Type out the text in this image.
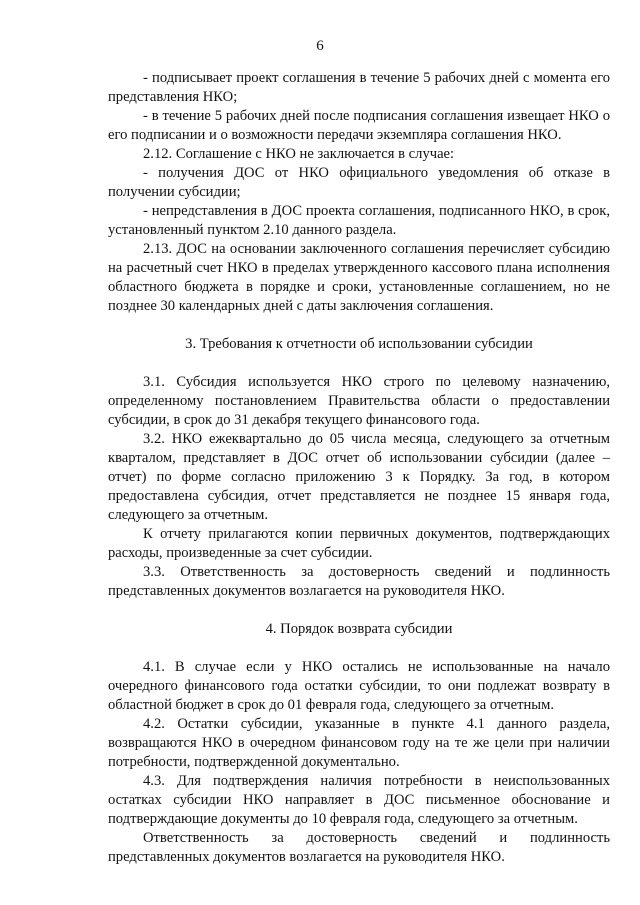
6

- подписывает проект соглашения в течение 5 рабочих дней с момента его представления НКО;

- в течение 5 рабочих дней после подписания соглашения извещает НКО о его подписании и о возможности передачи экземпляра соглашения НКО.

2.12. Соглашение с НКО не заключается в случае:

- получения ДОС от НКО официального уведомления об отказе в получении субсидии;

- непредставления в ДОС проекта соглашения, подписанного НКО, в срок, установленный пунктом 2.10 данного раздела.

2.13. ДОС на основании заключенного соглашения перечисляет субсидию на расчетный счет НКО в пределах утвержденного кассового плана исполнения областного бюджета в порядке и сроки, установленные соглашением, но не позднее 30 календарных дней с даты заключения соглашения.

3. Требования к отчетности об использовании субсидии

3.1. Субсидия используется НКО строго по целевому назначению, определенному постановлением Правительства области о предоставлении субсидии, в срок до 31 декабря текущего финансового года.

3.2. НКО ежеквартально до 05 числа месяца, следующего за отчетным кварталом, представляет в ДОС отчет об использовании субсидии (далее – отчет) по форме согласно приложению 3 к Порядку. За год, в котором предоставлена субсидия, отчет представляется не позднее 15 января года, следующего за отчетным.

К отчету прилагаются копии первичных документов, подтверждающих расходы, произведенные за счет субсидии.

3.3. Ответственность за достоверность сведений и подлинность представленных документов возлагается на руководителя НКО.

4. Порядок возврата субсидии

4.1. В случае если у НКО остались не использованные на начало очередного финансового года остатки субсидии, то они подлежат возврату в областной бюджет в срок до 01 февраля года, следующего за отчетным.

4.2. Остатки субсидии, указанные в пункте 4.1 данного раздела, возвращаются НКО в очередном финансовом году на те же цели при наличии потребности, подтвержденной документально.

4.3. Для подтверждения наличия потребности в неиспользованных остатках субсидии НКО направляет в ДОС письменное обоснование и подтверждающие документы до 10 февраля года, следующего за отчетным.

Ответственность за достоверность сведений и подлинность представленных документов возлагается на руководителя НКО.
